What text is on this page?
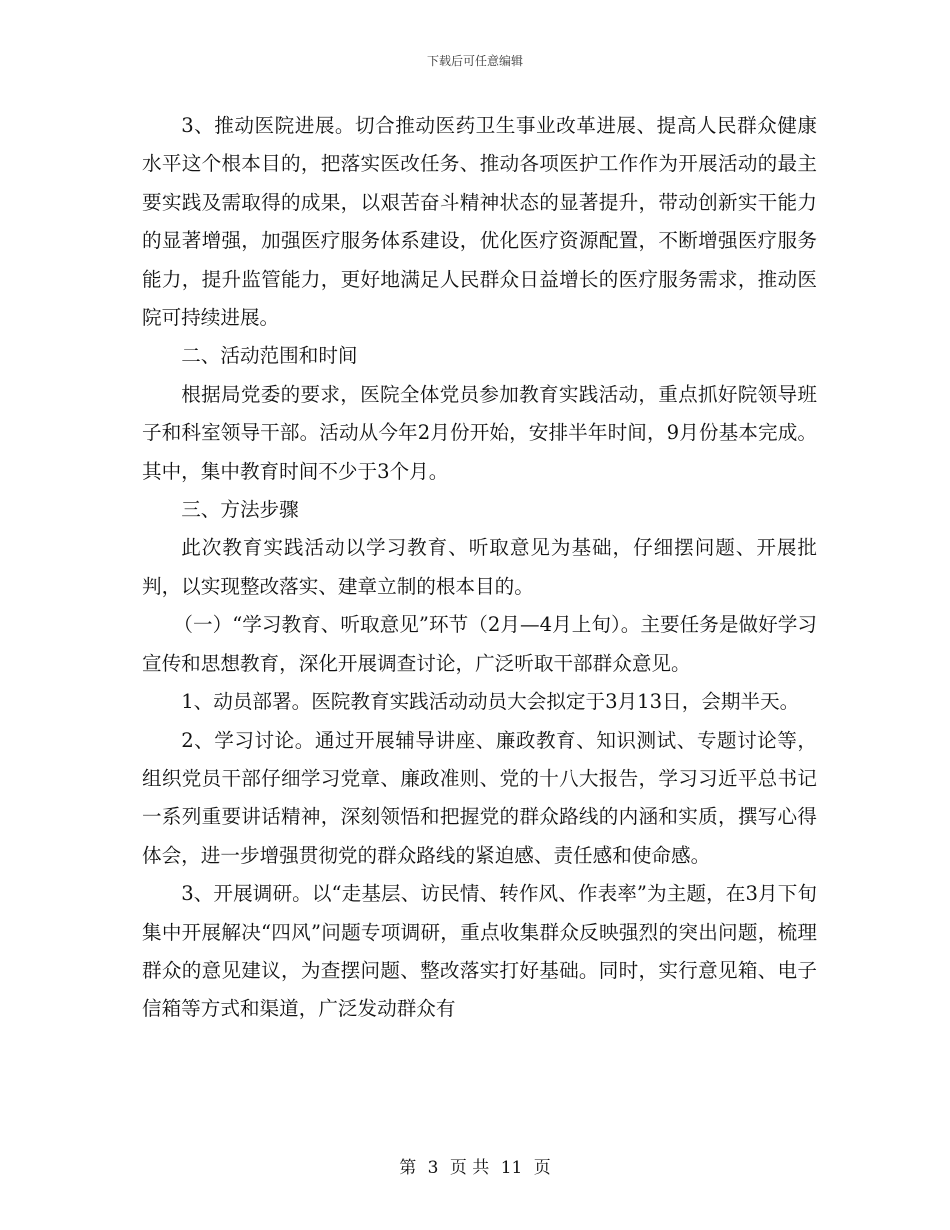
下载后可任意编辑

3、推动医院进展。切合推动医药卫生事业改革进展、提高人民群众健康水平这个根本目的，把落实医改任务、推动各项医护工作作为开展活动的最主要实践及需取得的成果，以艰苦奋斗精神状态的显著提升，带动创新实干能力的显著增强，加强医疗服务体系建设，优化医疗资源配置，不断增强医疗服务能力，提升监管能力，更好地满足人民群众日益增长的医疗服务需求，推动医院可持续进展。

二、活动范围和时间

根据局党委的要求，医院全体党员参加教育实践活动，重点抓好院领导班子和科室领导干部。活动从今年2月份开始，安排半年时间，9月份基本完成。其中，集中教育时间不少于3个月。

三、方法步骤

此次教育实践活动以学习教育、听取意见为基础，仔细摆问题、开展批判，以实现整改落实、建章立制的根本目的。

（一）“学习教育、听取意见”环节（2月—4月上旬）。主要任务是做好学习宣传和思想教育，深化开展调查讨论，广泛听取干部群众意见。

1、动员部署。医院教育实践活动动员大会拟定于3月13日，会期半天。

2、学习讨论。通过开展辅导讲座、廉政教育、知识测试、专题讨论等，组织党员干部仔细学习党章、廉政准则、党的十八大报告，学习习近平总书记一系列重要讲话精神，深刻领悟和把握党的群众路线的内涵和实质，撰写心得体会，进一步增强贯彻党的群众路线的紧迫感、责任感和使命感。

3、开展调研。以“走基层、访民情、转作风、作表率”为主题，在3月下旬集中开展解决“四风”问题专项调研，重点收集群众反映强烈的突出问题，梳理群众的意见建议，为查摆问题、整改落实打好基础。同时，实行意见箱、电子信箱等方式和渠道，广泛发动群众有

第 3 页 共 11 页
